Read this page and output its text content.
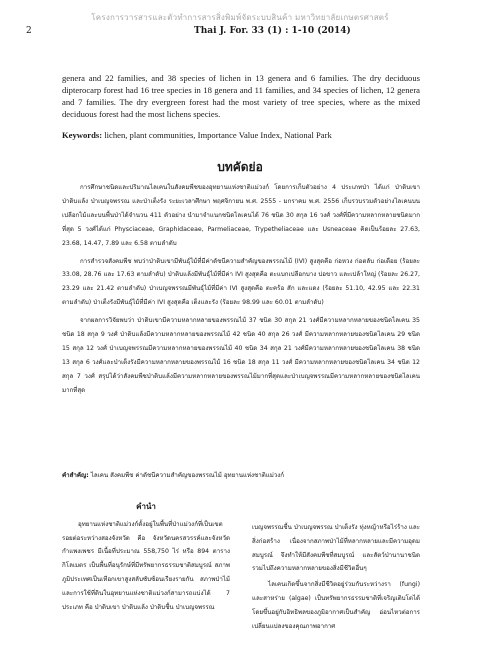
โครงการวารสารและตัวทำการสารสิ่งพิมพ์จัดระบบสินค้า มหาวิทยาลัยเกษตรศาสตร์
2	Thai J. For. 33 (1) : 1-10 (2014)
genera and 22 families, and 38 species of lichen in 13 genera and 6 families. The dry deciduous dipterocarp forest had 16 tree species in 18 genera and 11 families, and 34 species of lichen, 12 genera and 7 families. The dry evergreen forest had the most variety of tree species, where as the mixed deciduous forest had the most lichens species.
Keywords: lichen, plant communities, Importance Value Index, National Park
บทคัดย่อ

การศึกษาชนิดและปริมาณไลเคนในสังคมพืชของอุทยานแห่งชาติแม่วงก์ โดยการเก็บตัวอย่าง 4 ประเภทป่า ได้แก่ ป่าดิบเขา ป่าดิบแล้ง ป่าเบญจพรรณ และป่าเต็งรัง ระยะเวลาศึกษา พฤศจิกายน พ.ศ. 2555 - มกราคม พ.ศ. 2556 เก็บรวบรวมตัวอย่างไลเคนบนเปลือกไม้และบนพื้นป่าได้จำนวน 411 ตัวอย่าง นำมาจำแนกชนิดไลเคนได้ 76 ชนิด 30 สกุล 16 วงศ์ วงศ์ที่มีความหลากหลายชนิดมากที่สุด 5 วงศ์ได้แก่ Physciaceae, Graphidaceae, Parmeliaceae, Trypetheliaceae และ Usneaceae คิดเป็นร้อยละ 27.63, 23.68, 14.47, 7.89 และ 6.58 ตามลำดับ

การสำรวจสังคมพืช พบว่าป่าดิบเขามีพันธุ์ไม้ที่มีค่าดัชนีความสำคัญของพรรณไม้ (IVI) สูงสุดคือ ก่อหวง ก่อตลับ ก่อเดือย (ร้อยละ 33.08, 28.76 และ 17.63 ตามลำดับ) ป่าดิบแล้งมีพันธุ์ไม้ที่มีค่า IVI สูงสุดคือ ตะแบกเปลือกบาง ปอขาว และเปล้าใหญ่ (ร้อยละ 26.27, 23.29 และ 21.42 ตามลำดับ) ป่าเบญจพรรณมีพันธุ์ไม้ที่มีค่า IVI สูงสุดคือ ตะคร้อ สัก และแดง (ร้อยละ 51.10, 42.95 และ 22.31 ตามลำดับ) ป่าเต็งรังมีพันธุ์ไม้ที่มีค่า IVI สูงสุดคือ เต็งและรัง (ร้อยละ 98.99 และ 60.01 ตามลำดับ)

จากผลการวิจัยพบว่า ป่าดิบเขามีความหลากหลายของพรรณไม้ 37 ชนิด 30 สกุล 21 วงศ์มีความหลากหลายของชนิดไลเคน 35 ชนิด 18 สกุล 9 วงศ์ ป่าดิบแล้งมีความหลากหลายของพรรณไม้ 42 ชนิด 40 สกุล 26 วงศ์ มีความหลากหลายของชนิดไลเคน 29 ชนิด 15 สกุล 12 วงศ์ ป่าเบญจพรรณมีความหลากหลายของพรรณไม้ 40 ชนิด 34 สกุล 21 วงศ์มีความหลากหลายของชนิดไลเคน 38 ชนิด 13 สกุล 6 วงศ์และป่าเต็งรังมีความหลากหลายของพรรณไม้ 16 ชนิด 18 สกุล 11 วงศ์ มีความหลากหลายของชนิดไลเคน 34 ชนิด 12 สกุล 7 วงศ์ สรุปได้ว่าสังคมพืชป่าดิบแล้งมีความหลากหลายของพรรณไม้มากที่สุดและป่าเบญจพรรณมีความหลากหลายของชนิดไลเคนมากที่สุด

คำสำคัญ: ไลเคน สังคมพืช ค่าดัชนีความสำคัญของพรรณไม้ อุทยานแห่งชาติแม่วงก์
คำนำ

อุทยานแห่งชาติแม่วงก์ตั้งอยู่ในพื้นที่ป่าแม่วงก์ที่เป็นเขตรอยต่อระหว่างสองจังหวัด คือ จังหวัดนครสวรรค์และจังหวัดกำแพงเพชร มีเนื้อที่ประมาณ 558,750 ไร่ หรือ 894 ตารางกิโลเมตร เป็นพื้นที่อนุรักษ์ที่มีทรัพยากรธรรมชาติสมบูรณ์ สภาพภูมิประเทศเป็นเทือกเขาสูงสลับซับซ้อนเรียงรายกัน สภาพป่าไม้และการใช้ที่ดินในอุทยานแห่งชาติแม่วงก์สามารถแบ่งได้ 7 ประเภท คือ ป่าดิบเขา ป่าดิบแล้ง ป่าดิบชื้น ป่าเบญจพรรณ

เบญจพรรณชื้น ป่าเบญจพรรณ ป่าเต็งรัง ทุ่งหญ้าหรือไร่ร้าง และสิ่งก่อสร้าง เนื่องจากสภาพป่าไม้ที่หลากหลายและมีความอุดมสมบูรณ์ จึงทำให้มีสังคมพืชที่สมบูรณ์ และสัตว์ป่านานาชนิด รวมไปถึงความหลากหลายของสิ่งมีชีวิตอื่นๆ

ไลเคนเกิดขึ้นจากสิ่งมีชีวิตอยู่ร่วมกันระหว่างรา (fungi) และสาหร่าย (algae) เป็นทรัพยากรธรรมชาติที่เจริญเติบโตได้โดยขึ้นอยู่กับอิทธิพลของภูมิอากาศเป็นสำคัญ อ่อนไหวต่อการเปลี่ยนแปลงของคุณภาพอากาศ
